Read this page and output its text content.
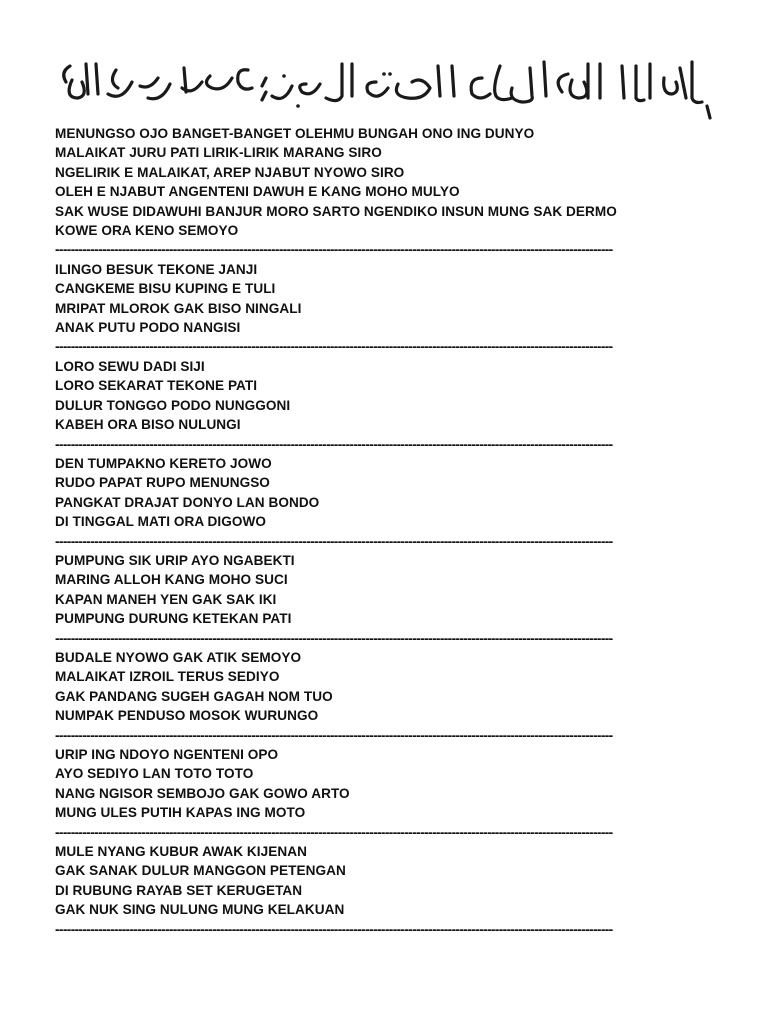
MENUNGSO OJO BANGET-BANGET OLEHMU BUNGAH ONO ING DUNYO
MALAIKAT JURU PATI LIRIK-LIRIK MARANG SIRO
NGELIRIK E MALAIKAT, AREP NJABUT NYOWO SIRO
OLEH E NJABUT ANGENTENI DAWUH E KANG MOHO MULYO
SAK WUSE DIDAWUHI BANJUR MORO SARTO NGENDIKO INSUN MUNG SAK DERMO
KOWE ORA KENO SEMOYO
----------------------------------------------------------------------------------------------------------------------------------------------
ILINGO BESUK TEKONE JANJI
CANGKEME BISU KUPING E TULI
MRIPAT MLOROK GAK BISO NINGALI
ANAK PUTU PODO NANGISI
----------------------------------------------------------------------------------------------------------------------------------------------
LORO SEWU DADI SIJI
LORO SEKARAT TEKONE PATI
DULUR TONGGO PODO NUNGGONI
KABEH ORA BISO NULUNGI
----------------------------------------------------------------------------------------------------------------------------------------------
DEN TUMPAKNO KERETO JOWO
RUDO PAPAT RUPO MENUNGSO
PANGKAT DRAJAT DONYO LAN BONDO
DI TINGGAL MATI ORA DIGOWO
----------------------------------------------------------------------------------------------------------------------------------------------
PUMPUNG SIK URIP AYO NGABEKTI
MARING ALLOH KANG MOHO SUCI
KAPAN MANEH YEN GAK SAK IKI
PUMPUNG DURUNG KETEKAN PATI
----------------------------------------------------------------------------------------------------------------------------------------------
BUDALE NYOWO GAK ATIK SEMOYO
MALAIKAT IZROIL TERUS SEDIYO
GAK PANDANG SUGEH GAGAH NOM TUO
NUMPAK PENDUSO MOSOK WURUNGO
----------------------------------------------------------------------------------------------------------------------------------------------
URIP ING NDOYO NGENTENI OPO
AYO SEDIYO LAN TOTO TOTO
NANG NGISOR SEMBOJO GAK GOWO ARTO
MUNG ULES PUTIH KAPAS ING MOTO
----------------------------------------------------------------------------------------------------------------------------------------------
MULE NYANG KUBUR AWAK KIJENAN
GAK SANAK DULUR MANGGON PETENGAN
DI RUBUNG RAYAB SET KERUGETAN
GAK NUK SING NULUNG MUNG KELAKUAN
----------------------------------------------------------------------------------------------------------------------------------------------
